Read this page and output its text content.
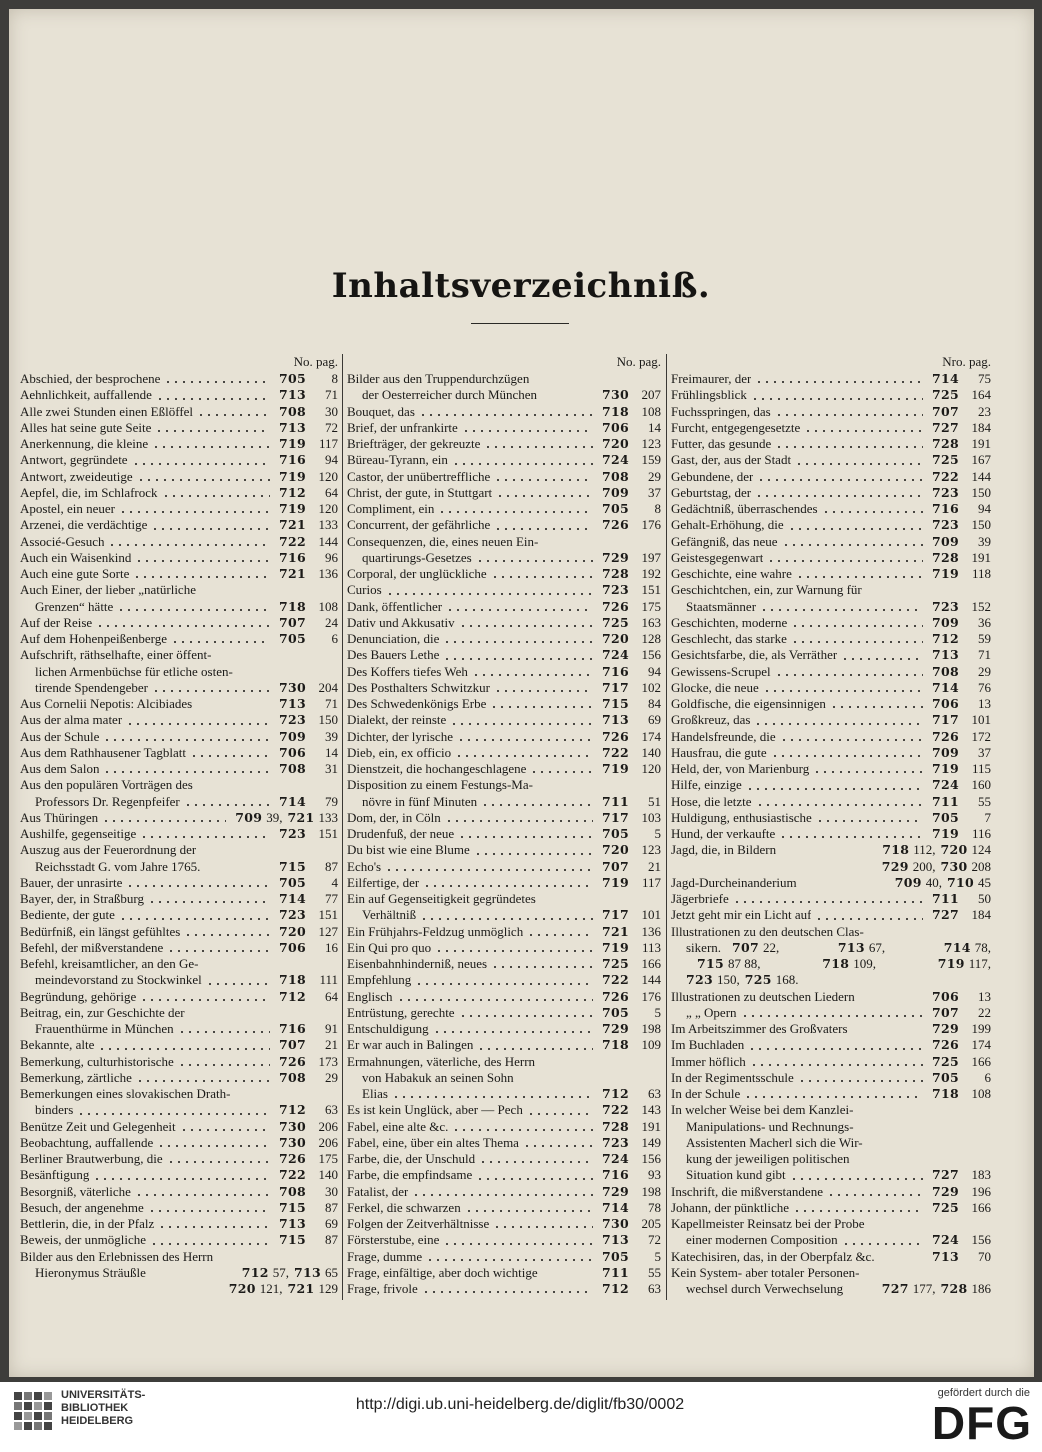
Inhaltsverzeichniß.
No. pag.
Abschied, der besprochene	705	8
Aehnlichkeit, auffallende	713	71
Alle zwei Stunden einen Eßlöffel	708	30
Alles hat seine gute Seite	713	72
Anerkennung, die kleine	719 117
Antwort, gegründete	716	94
Antwort, zweideutige	719 120
Aepfel, die, im Schlafrock	712	64
Apostel, ein neuer	719 120
Arzenei, die verdächtige	721 133
Associé-Gesuch	722 144
Auch ein Waisenkind	716	96
Auch eine gute Sorte	721 136
Auch Einer, der lieber „natürliche
Grenzen“ hätte	718 108
Auf der Reise	707	24
Auf dem Hohenpeißenberge	705	6
Aufschrift, räthselhafte, einer öffent-
lichen Armenbüchse für etliche osten-
tirende Spendengeber	730 204
Aus Cornelii Nepotis: Alcibiades	713	71
Aus der alma mater	723 150
Aus der Schule	709	39
Aus dem Rathhausener Tagblatt	706	14
Aus dem Salon	708	31
Aus den populären Vorträgen des
Professors Dr. Regenpfeifer	714	79
Aus Thüringen	709 39, 721 133
Aushilfe, gegenseitige	723 151
Auszug aus der Feuerordnung der
Reichsstadt G. vom Jahre 1765.	715	87
Bauer, der unrasirte	705	4
Bayer, der, in Straßburg	714	77
Bediente, der gute	723 151
Bedürfniß, ein längst gefühltes	720 127
Befehl, der mißverstandene	706	16
Befehl, kreisamtlicher, an den Ge-
meindevorstand zu Stockwinkel	718	111
Begründung, gehörige	712	64
Beitrag, ein, zur Geschichte der
Frauenthürme in München	716	91
Bekannte, alte	707	21
Bemerkung, culturhistorische	726 173
Bemerkung, zärtliche	708	29
Bemerkungen eines slovakischen Drath-
binders	712	63
Benütze Zeit und Gelegenheit	730 206
Beobachtung, auffallende	730 206
Berliner Brautwerbung, die	726 175
Besänftigung	722 140
Besorgniß, väterliche	708	30
Besuch, der angenehme	715	87
Bettlerin, die, in der Pfalz	713	69
Beweis, der unmögliche	715	87
Bilder aus den Erlebnissen des Herrn
Hieronymus Sträußle	712 57, 713 65
720 121, 721 129
No. pag.
Bilder aus den Truppendurchzügen
der Oesterreicher durch München	730 207
Bouquet, das	718 108
Brief, der unfrankirte	706	14
Briefträger, der gekreuzte	720 123
Büreau-Tyrann, ein	724 159
Castor, der unübertreffliche	708	29
Christ, der gute, in Stuttgart	709	37
Compliment, ein	705	8
Concurrent, der gefährliche	726 176
Consequenzen, die, eines neuen Ein-
quartirungs-Gesetzes	729 197
Corporal, der unglückliche	728 192
Curios	723 151
Dank, öffentlicher	726 175
Dativ und Akkusativ	725 163
Denunciation, die	720 128
Des Bauers Lethe	724 156
Des Koffers tiefes Weh	716	94
Des Posthalters Schwitzkur	717 102
Des Schwedenkönigs Erbe	715	84
Dialekt, der reinste	713	69
Dichter, der lyrische	726 174
Dieb, ein, ex officio	722 140
Dienstzeit, die hochangeschlagene	719 120
Disposition zu einem Festungs-Ma-
növre in fünf Minuten	711	51
Dom, der, in Cöln	717 103
Drudenfuß, der neue	705	5
Du bist wie eine Blume	720 123
Echo's	707	21
Eilfertige, der	719 117
Ein auf Gegenseitigkeit gegründetes
Verhältniß	717 101
Ein Frühjahrs-Feldzug unmöglich	721 136
Ein Qui pro quo	719 113
Eisenbahnhinderniß, neues	725 166
Empfehlung	722 144
Englisch	726 176
Entrüstung, gerechte	705	5
Entschuldigung	729 198
Er war auch in Balingen	718 109
Ermahnungen, väterliche, des Herrn
von Habakuk an seinen Sohn
Elias	712	63
Es ist kein Unglück, aber — Pech	722 143
Fabel, eine alte &c.	728 191
Fabel, eine, über ein altes Thema	723 149
Farbe, die, der Unschuld	724 156
Farbe, die empfindsame	716	93
Fatalist, der	729 198
Ferkel, die schwarzen	714	78
Folgen der Zeitverhältnisse	730 205
Försterstube, eine	713	72
Frage, dumme	705	5
Frage, einfältige, aber doch wichtige	711	55
Frage, frivole	712	63
Nro. pag.
Freimaurer, der	714	75
Frühlingsblick	725 164
Fuchsspringen, das	707	23
Furcht, entgegengesetzte	727 184
Futter, das gesunde	728 191
Gast, der, aus der Stadt	725 167
Gebundene, der	722 144
Geburtstag, der	723 150
Gedächtniß, überraschendes	716	94
Gehalt-Erhöhung, die	723 150
Gefängniß, das neue	709	39
Geistesgegenwart	728 191
Geschichte, eine wahre	719 118
Geschichtchen, ein, zur Warnung für
Staatsmänner	723 152
Geschichten, moderne	709	36
Geschlecht, das starke	712	59
Gesichtsfarbe, die, als Verräther	713	71
Gewissens-Scrupel	708	29
Glocke, die neue	714	76
Goldfische, die eigensinnigen	706	13
Großkreuz, das	717 101
Handelsfreunde, die	726 172
Hausfrau, die gute	709	37
Held, der, von Marienburg	719 115
Hilfe, einzige	724 160
Hose, die letzte	711	55
Huldigung, enthusiastische	705	7
Hund, der verkaufte	719 116
Jagd, die, in Bildern	718 112, 720 124
729 200, 730 208
Jagd-Durcheinanderium	709 40, 710 45
Jägerbriefe	711	50
Jetzt geht mir ein Licht auf	727 184
Illustrationen zu den deutschen Clas-
sikern. 707 22,	713 67,	714 78,
715 87 88,	718 109,	719 117,
723 150, 725 168.
Illustrationen zu deutschen Liedern	706	13
„ „ Opern	707	22
Im Arbeitszimmer des Großvaters	729 199
Im Buchladen	726 174
Immer höflich	725 166
In der Regimentsschule	705	6
In der Schule	718 108
In welcher Weise bei dem Kanzlei-
Manipulations- und Rechnungs-
Assistenten Macherl sich die Wir-
kung der jeweiligen politischen
Situation kund gibt	727 183
Inschrift, die mißverstandene	729 196
Johann, der pünktliche	725 166
Kapellmeister Reinsatz bei der Probe
einer modernen Composition	724 156
Katechisiren, das, in der Oberpfalz &c.	713	70
Kein System- aber totaler Personen-
wechsel durch Verwechselung	727 177, 728 186
UNIVERSITÄTS-
BIBLIOTHEK
HEIDELBERG
http://digi.ub.uni-heidelberg.de/diglit/fb30/0002
gefördert durch die
DFG
